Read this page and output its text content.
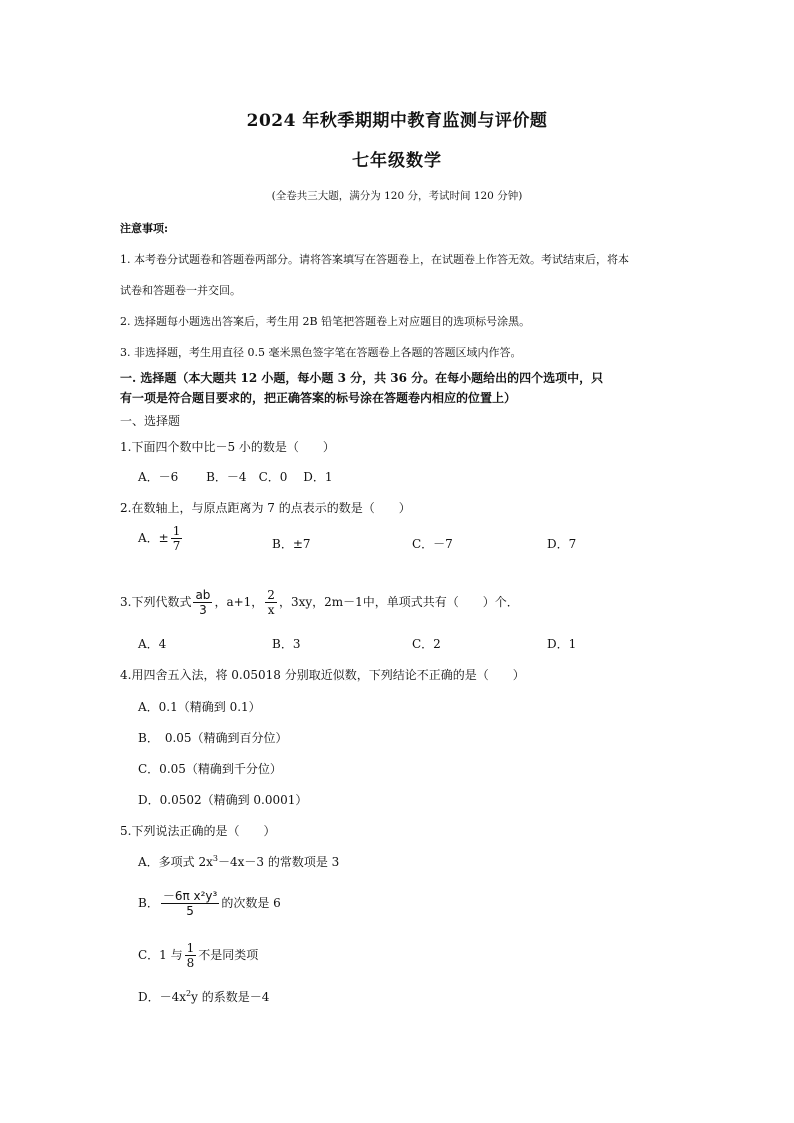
2024 年秋季期期中教育监测与评价题
七年级数学
(全卷共三大题，满分为 120 分，考试时间 120 分钟)
注意事项:
1. 本考卷分试题卷和答题卷两部分。请将答案填写在答题卷上，在试题卷上作答无效。考试结束后，将本
试卷和答题卷一并交回。
2. 选择题每小题选出答案后，考生用 2B 铅笔把答题卷上对应题目的选项标号涂黑。
3. 非选择题，考生用直径 0.5 毫米黑色签字笔在答题卷上各题的答题区域内作答。
一. 选择题（本大题共 12 小题，每小题 3 分，共 36 分。在每小题给出的四个选项中，只
有一项是符合题目要求的，把正确答案的标号涂在答题卷内相应的位置上）
一、选择题
1.下面四个数中比－5 小的数是（　　）
A．－6　 　B．－4　C．0　 D．1
2.在数轴上，与原点距离为 7 的点表示的数是（　　）
A．± $\frac{1}{7}$	B．±7	C．－7	D．7
3.下列代数式 $\frac{ab}{3}$ ，a+1， $\frac{2}{x}$ ，3xy，2m－1中，单项式共有（　　）个．
A．4	B．3	C．2	D．1
4.用四舍五入法，将 0.05018 分别取近似数，下列结论不正确的是（　　）
A．0.1（精确到 0.1）
B．　0.05（精确到百分位）
C．0.05（精确到千分位）
D．0.0502（精确到 0.0001）
5.下列说法正确的是（　　）
A．多项式 $2x^3-4x-3$ 的常数项是 3
B． $\frac{\text{－6π x²y³}}{5}$ 的次数是 6
C．1 与 $\frac{1}{8}$ 不是同类项
D．$-4x^2y$ 的系数是－4
